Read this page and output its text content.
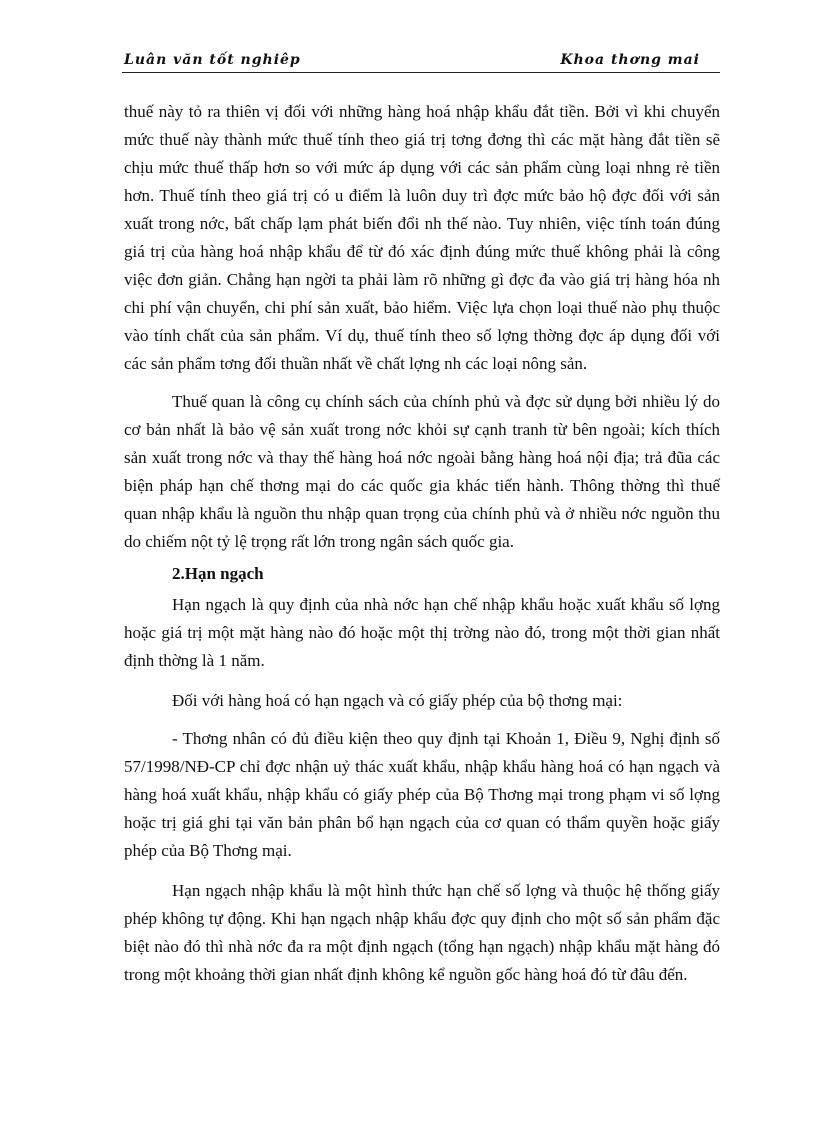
Luân văn tốt nghiêp	Khoa thơng mai

thuế này tỏ ra thiên vị đối với những hàng hoá nhập khẩu đắt tiền. Bởi vì khi chuyển mức thuế này thành mức thuế tính theo giá trị tơng đơng thì các mặt hàng đắt tiền sẽ chịu mức thuế thấp hơn so với mức áp dụng với các sản phẩm cùng loại nhng rẻ tiền hơn. Thuế tính theo giá trị có u điểm là luôn duy trì đợc mức bảo hộ đợc đối với sản xuất trong nớc, bất chấp lạm phát biến đổi nh thế nào. Tuy nhiên, việc tính toán đúng giá trị của hàng hoá nhập khẩu để từ đó xác định đúng mức thuế không phải là công việc đơn giản. Chẳng hạn ngời ta phải làm rõ những gì đợc đa vào giá trị hàng hóa nh chi phí vận chuyển, chi phí sản xuất, bảo hiểm. Việc lựa chọn loại thuế nào phụ thuộc vào tính chất của sản phẩm. Ví dụ, thuế tính theo số lợng thờng đợc áp dụng đối với các sản phẩm tơng đối thuần nhất về chất lợng nh các loại nông sản.

Thuế quan là công cụ chính sách của chính phủ và đợc sử dụng bởi nhiều lý do cơ bản nhất là bảo vệ sản xuất trong nớc khỏi sự cạnh tranh từ bên ngoài; kích thích sản xuất trong nớc và thay thế hàng hoá nớc ngoài bằng hàng hoá nội địa; trả đũa các biện pháp hạn chế thơng mại do các quốc gia khác tiến hành. Thông thờng thì thuế quan nhập khẩu là nguồn thu nhập quan trọng của chính phủ và ở nhiều nớc nguồn thu do chiếm nột tỷ lệ trọng rất lớn trong ngân sách quốc gia.

2.Hạn ngạch

Hạn ngạch là quy định của nhà nớc hạn chế nhập khẩu hoặc xuất khẩu số lợng hoặc giá trị một mặt hàng nào đó hoặc một thị trờng nào đó, trong một thời gian nhất định thờng là 1 năm.

Đối với hàng hoá có hạn ngạch và có giấy phép của bộ thơng mại:

- Thơng nhân có đủ điều kiện theo quy định tại Khoản 1, Điều 9, Nghị định số 57/1998/NĐ-CP chỉ đợc nhận uỷ thác xuất khẩu, nhập khẩu hàng hoá có hạn ngạch và hàng hoá xuất khẩu, nhập khẩu có giấy phép của Bộ Thơng mại trong phạm vi số lợng hoặc trị giá ghi tại văn bản phân bổ hạn ngạch của cơ quan có thẩm quyền hoặc giấy phép của Bộ Thơng mại.

Hạn ngạch nhập khẩu là một hình thức hạn chế số lợng và thuộc hệ thống giấy phép không tự động. Khi hạn ngạch nhập khẩu đợc quy định cho một số sản phẩm đặc biệt nào đó thì nhà nớc đa ra một định ngạch (tổng hạn ngạch) nhập khẩu mặt hàng đó trong một khoảng thời gian nhất định không kể nguồn gốc hàng hoá đó từ đâu đến.
